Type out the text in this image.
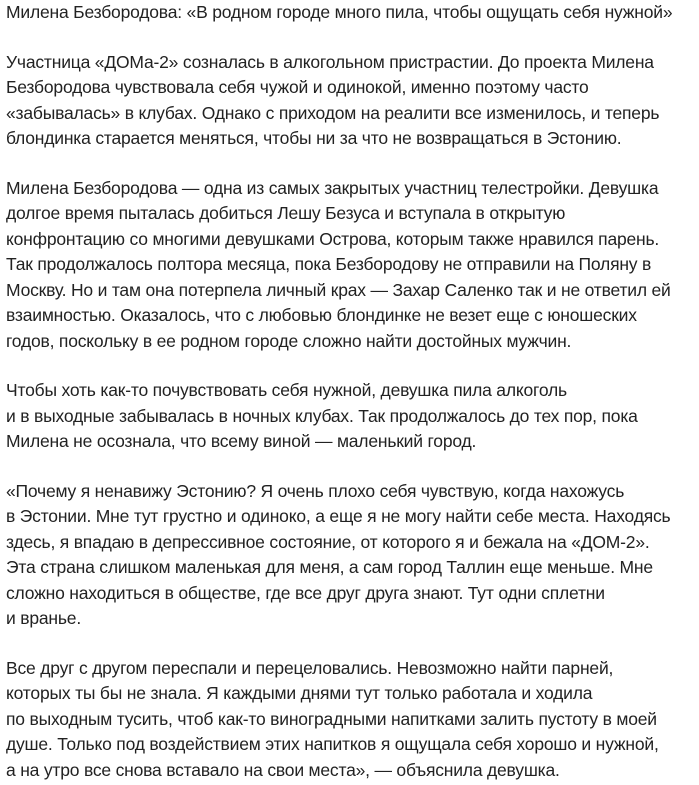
Милена Безбородова: «В родном городе много пила, чтобы ощущать себя нужной»
Участница «ДОМа-2» созналась в алкогольном пристрастии. До проекта Милена
Безбородова чувствовала себя чужой и одинокой, именно поэтому часто
«забывалась» в клубах. Однако с приходом на реалити все изменилось, и теперь
блондинка старается меняться, чтобы ни за что не возвращаться в Эстонию.
Милена Безбородова — одна из самых закрытых участниц телестройки. Девушка
долгое время пыталась добиться Лешу Безуса и вступала в открытую
конфронтацию со многими девушками Острова, которым также нравился парень.
Так продолжалось полтора месяца, пока Безбородову не отправили на Поляну в
Москву. Но и там она потерпела личный крах — Захар Саленко так и не ответил ей
взаимностью. Оказалось, что с любовью блондинке не везет еще с юношеских
годов, поскольку в ее родном городе сложно найти достойных мужчин.
Чтобы хоть как-то почувствовать себя нужной, девушка пила алкоголь
и в выходные забывалась в ночных клубах. Так продолжалось до тех пор, пока
Милена не осознала, что всему виной — маленький город.
«Почему я ненавижу Эстонию? Я очень плохо себя чувствую, когда нахожусь
в Эстонии. Мне тут грустно и одиноко, а еще я не могу найти себе места. Находясь
здесь, я впадаю в депрессивное состояние, от которого я и бежала на «ДОМ-2».
Эта страна слишком маленькая для меня, а сам город Таллин еще меньше. Мне
сложно находиться в обществе, где все друг друга знают. Тут одни сплетни
и вранье.
Все друг с другом переспали и перецеловались. Невозможно найти парней,
которых ты бы не знала. Я каждыми днями тут только работала и ходила
по выходным тусить, чтоб как-то виноградными напитками залить пустоту в моей
душе. Только под воздействием этих напитков я ощущала себя хорошо и нужной,
а на утро все снова вставало на свои места», — объяснила девушка.
